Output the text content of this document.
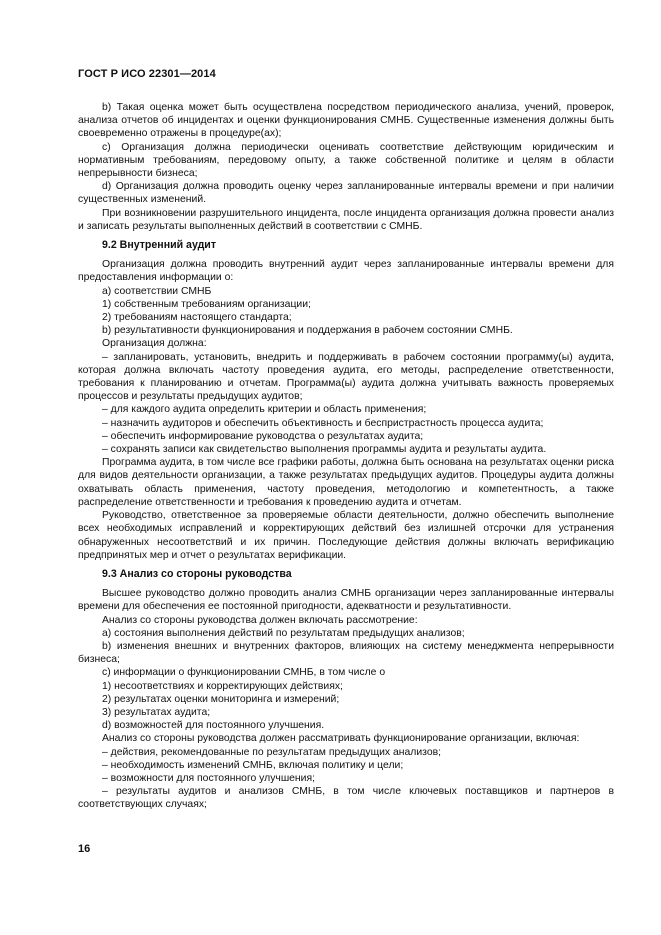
ГОСТ Р ИСО 22301—2014

b) Такая оценка может быть осуществлена посредством периодического анализа, учений, проверок, анализа отчетов об инцидентах и оценки функционирования СМНБ. Существенные изменения должны быть своевременно отражены в процедуре(ах);

с) Организация должна периодически оценивать соответствие действующим юридическим и нормативным требованиям, передовому опыту, а также собственной политике и целям в области непрерывности бизнеса;

d) Организация должна проводить оценку через запланированные интервалы времени и при наличии существенных изменений.

При возникновении разрушительного инцидента, после инцидента организация должна провести анализ и записать результаты выполненных действий в соответствии с СМНБ.

9.2 Внутренний аудит

Организация должна проводить внутренний аудит через запланированные интервалы времени для предоставления информации о:

a) соответствии СМНБ

1) собственным требованиям организации;

2) требованиям настоящего стандарта;

b) результативности функционирования и поддержания в рабочем состоянии СМНБ.

Организация должна:

– запланировать, установить, внедрить и поддерживать в рабочем состоянии программу(ы) аудита, которая должна включать частоту проведения аудита, его методы, распределение ответственности, требования к планированию и отчетам. Программа(ы) аудита должна учитывать важность проверяемых процессов и результаты предыдущих аудитов;

– для каждого аудита определить критерии и область применения;

– назначить аудиторов и обеспечить объективность и беспристрастность процесса аудита;

– обеспечить информирование руководства о результатах аудита;

– сохранять записи как свидетельство выполнения программы аудита и результаты аудита.

Программа аудита, в том числе все графики работы, должна быть основана на результатах оценки риска для видов деятельности организации, а также результатах предыдущих аудитов. Процедуры аудита должны охватывать область применения, частоту проведения, методологию и компетентность, а также распределение ответственности и требования к проведению аудита и отчетам.

Руководство, ответственное за проверяемые области деятельности, должно обеспечить выполнение всех необходимых исправлений и корректирующих действий без излишней отсрочки для устранения обнаруженных несоответствий и их причин. Последующие действия должны включать верификацию предпринятых мер и отчет о результатах верификации.

9.3 Анализ со стороны руководства

Высшее руководство должно проводить анализ СМНБ организации через запланированные интервалы времени для обеспечения ее постоянной пригодности, адекватности и результативности.

Анализ со стороны руководства должен включать рассмотрение:

а) состояния выполнения действий по результатам предыдущих анализов;

b) изменения внешних и внутренних факторов, влияющих на систему менеджмента непрерывности бизнеса;

с) информации о функционировании СМНБ, в том числе о

1) несоответствиях и корректирующих действиях;

2) результатах оценки мониторинга и измерений;

3) результатах аудита;

d) возможностей для постоянного улучшения.

Анализ со стороны руководства должен рассматривать функционирование организации, включая:

– действия, рекомендованные по результатам предыдущих анализов;

– необходимость изменений СМНБ, включая политику и цели;

– возможности для постоянного улучшения;

– результаты аудитов и анализов СМНБ, в том числе ключевых поставщиков и партнеров в соответствующих случаях;

16
